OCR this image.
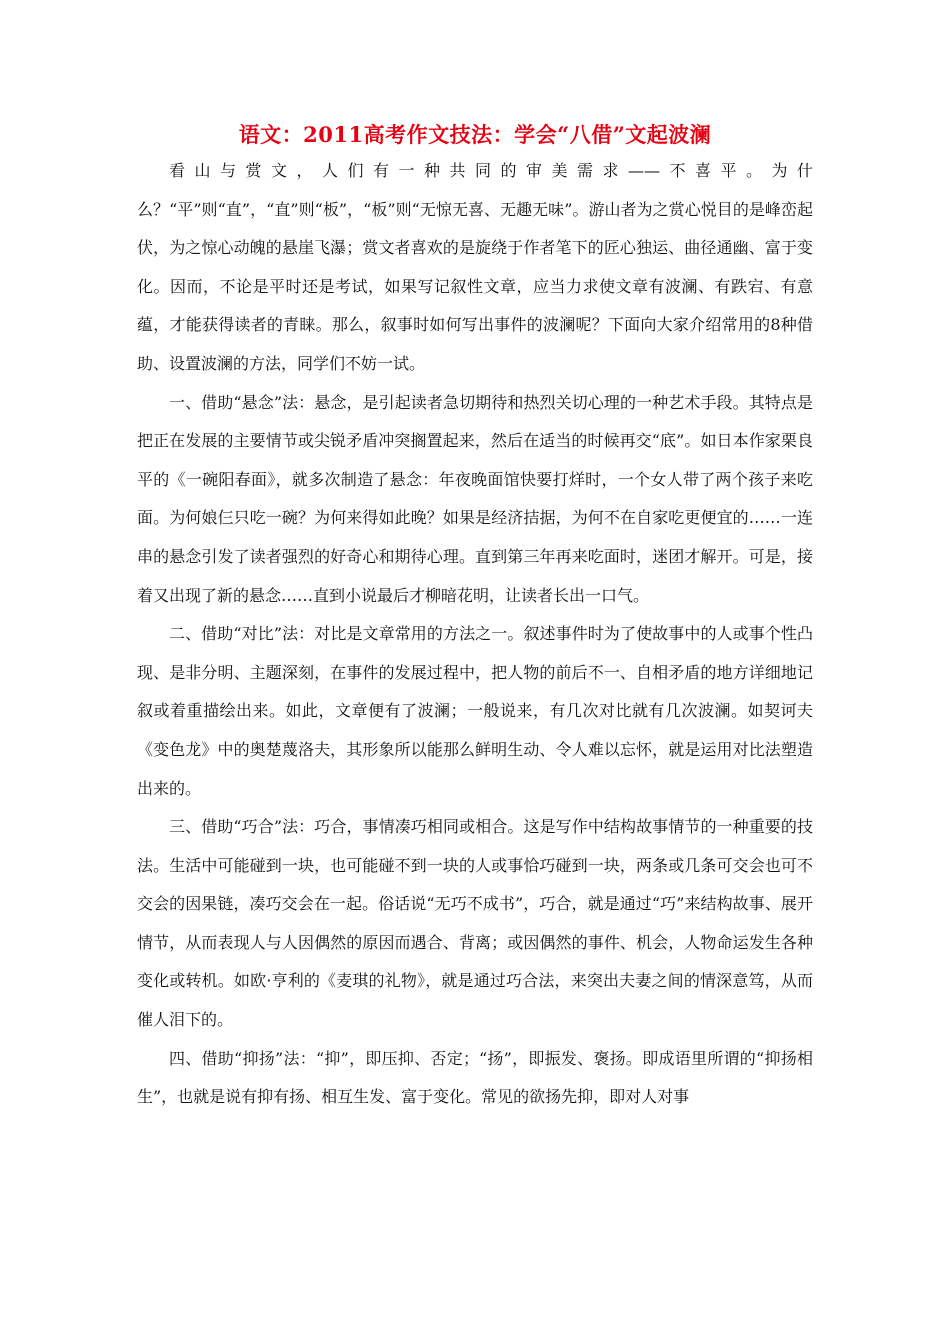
语文：2011高考作文技法：学会“八借”文起波澜

看山与赏文，人们有一种共同的审美需求——不喜平。为什么？“平”则“直”，“直”则“板”，“板”则“无惊无喜、无趣无味”。游山者为之赏心悦目的是峰峦起伏，为之惊心动魄的悬崖飞瀑；赏文者喜欢的是旋绕于作者笔下的匠心独运、曲径通幽、富于变化。因而，不论是平时还是考试，如果写记叙性文章，应当力求使文章有波澜、有跌宕、有意蕴，才能获得读者的青睐。那么，叙事时如何写出事件的波澜呢？下面向大家介绍常用的8种借助、设置波澜的方法，同学们不妨一试。

一、借助“悬念”法：悬念，是引起读者急切期待和热烈关切心理的一种艺术手段。其特点是把正在发展的主要情节或尖锐矛盾冲突搁置起来，然后在适当的时候再交“底”。如日本作家栗良平的《一碗阳春面》，就多次制造了悬念：年夜晚面馆快要打烊时，一个女人带了两个孩子来吃面。为何娘仨只吃一碗？为何来得如此晚？如果是经济拮据，为何不在自家吃更便宜的……一连串的悬念引发了读者强烈的好奇心和期待心理。直到第三年再来吃面时，迷团才解开。可是，接着又出现了新的悬念……直到小说最后才柳暗花明，让读者长出一口气。

二、借助“对比”法：对比是文章常用的方法之一。叙述事件时为了使故事中的人或事个性凸现、是非分明、主题深刻，在事件的发展过程中，把人物的前后不一、自相矛盾的地方详细地记叙或着重描绘出来。如此，文章便有了波澜；一般说来，有几次对比就有几次波澜。如契诃夫《变色龙》中的奥楚蔑洛夫，其形象所以能那么鲜明生动、令人难以忘怀，就是运用对比法塑造出来的。

三、借助“巧合”法：巧合，事情凑巧相同或相合。这是写作中结构故事情节的一种重要的技法。生活中可能碰到一块，也可能碰不到一块的人或事恰巧碰到一块，两条或几条可交会也可不交会的因果链，凑巧交会在一起。俗话说“无巧不成书”，巧合，就是通过“巧”来结构故事、展开情节，从而表现人与人因偶然的原因而遇合、背离；或因偶然的事件、机会，人物命运发生各种变化或转机。如欧·亨利的《麦琪的礼物》，就是通过巧合法，来突出夫妻之间的情深意笃，从而催人泪下的。

四、借助“抑扬”法：“抑”，即压抑、否定；“扬”，即振发、褒扬。即成语里所谓的“抑扬相生”，也就是说有抑有扬、相互生发、富于变化。常见的欲扬先抑，即对人对事
